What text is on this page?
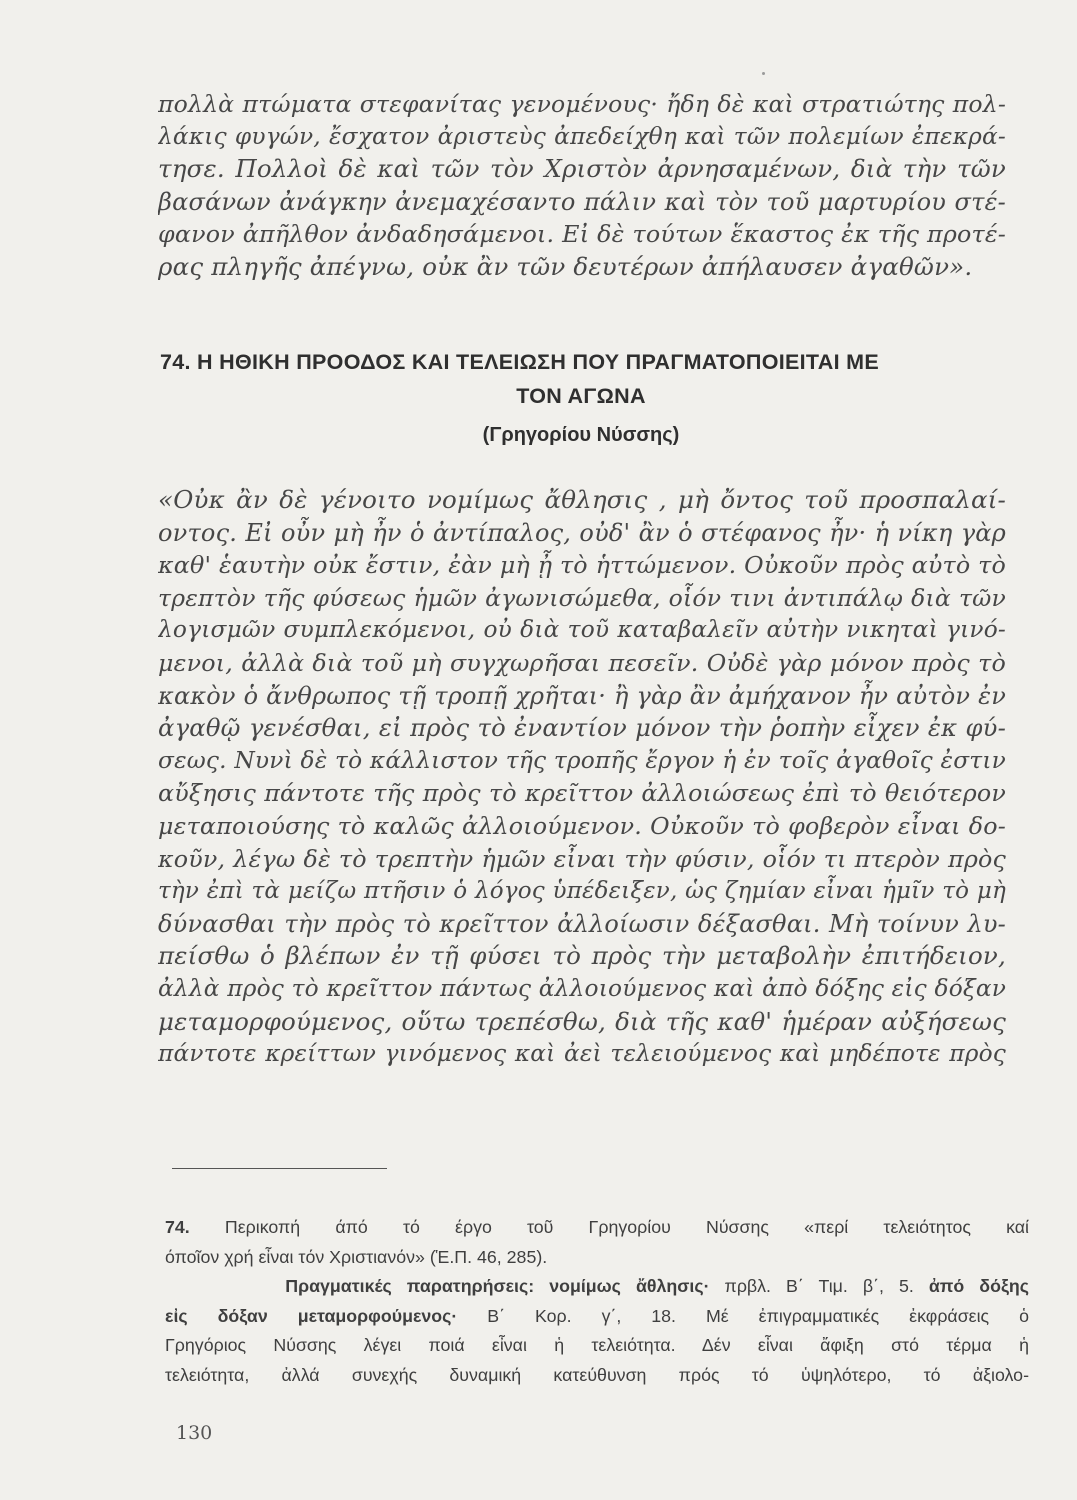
πολλὰ πτώματα στεφανίτας γενομένους· ἤδη δὲ καὶ στρατιώτης πολ-
λάκις φυγών, ἔσχατον ἀριστεὺς ἀπεδείχθη καὶ τῶν πολεμίων ἐπεκρά-
τησε. Πολλοὶ δὲ καὶ τῶν τὸν Χριστὸν ἀρνησαμένων, διὰ τὴν τῶν
βασάνων ἀνάγκην ἀνεμαχέσαντο πάλιν καὶ τὸν τοῦ μαρτυρίου στέ-
φανον ἀπῆλθον ἀνδαδησάμενοι. Εἰ δὲ τούτων ἕκαστος ἐκ τῆς προτέ-
ρας πληγῆς ἀπέγνω, οὐκ ἂν τῶν δευτέρων ἀπήλαυσεν ἀγαθῶν».
74. Η ΗΘΙΚΗ ΠΡΟΟΔΟΣ ΚΑΙ ΤΕΛΕΙΩΣΗ ΠΟΥ ΠΡΑΓΜΑΤΟΠΟΙΕΙΤΑΙ ΜΕ
ΤΟΝ ΑΓΩΝΑ
(Γρηγορίου Νύσσης)
«Οὐκ ἂν δὲ γένοιτο νομίμως ἄθλησις , μὴ ὄντος τοῦ προσπαλαί-
οντος. Εἰ οὖν μὴ ἦν ὁ ἀντίπαλος, οὐδ' ἂν ὁ στέφανος ἦν· ἡ νίκη γὰρ
καθ' ἑαυτὴν οὐκ ἔστιν, ἐὰν μὴ ᾖ τὸ ἡττώμενον. Οὐκοῦν πρὸς αὐτὸ τὸ
τρεπτὸν τῆς φύσεως ἡμῶν ἀγωνισώμεθα, οἷόν τινι ἀντιπάλῳ διὰ τῶν
λογισμῶν συμπλεκόμενοι, οὐ διὰ τοῦ καταβαλεῖν αὐτὴν νικηταὶ γινό-
μενοι, ἀλλὰ διὰ τοῦ μὴ συγχωρῆσαι πεσεῖν. Οὐδὲ γὰρ μόνον πρὸς τὸ
κακὸν ὁ ἄνθρωπος τῇ τροπῇ χρῆται· ἢ γὰρ ἂν ἀμήχανον ἦν αὐτὸν ἐν
ἀγαθῷ γενέσθαι, εἰ πρὸς τὸ ἐναντίον μόνον τὴν ῥοπὴν εἶχεν ἐκ φύ-
σεως. Νυνὶ δὲ τὸ κάλλιστον τῆς τροπῆς ἔργον ἡ ἐν τοῖς ἀγαθοῖς ἐστιν
αὔξησις πάντοτε τῆς πρὸς τὸ κρεῖττον ἀλλοιώσεως ἐπὶ τὸ θειότερον
μεταποιούσης τὸ καλῶς ἀλλοιούμενον. Οὐκοῦν τὸ φοβερὸν εἶναι δο-
κοῦν, λέγω δὲ τὸ τρεπτὴν ἡμῶν εἶναι τὴν φύσιν, οἷόν τι πτερὸν πρὸς
τὴν ἐπὶ τὰ μείζω πτῆσιν ὁ λόγος ὑπέδειξεν, ὡς ζημίαν εἶναι ἡμῖν τὸ μὴ
δύνασθαι τὴν πρὸς τὸ κρεῖττον ἀλλοίωσιν δέξασθαι. Μὴ τοίνυν λυ-
πείσθω ὁ βλέπων ἐν τῇ φύσει τὸ πρὸς τὴν μεταβολὴν ἐπιτήδειον,
ἀλλὰ πρὸς τὸ κρεῖττον πάντως ἀλλοιούμενος καὶ ἀπὸ δόξης εἰς δόξαν
μεταμορφούμενος, οὕτω τρεπέσθω, διὰ τῆς καθ' ἡμέραν αὐξήσεως
πάντοτε κρείττων γινόμενος καὶ ἀεὶ τελειούμενος καὶ μηδέποτε πρὸς
74. Περικοπή άπό τό έργο τοῦ Γρηγορίου Νύσσης «περί τελειότητος καί
όποῖον χρή εἶναι τόν Χριστιανόν» (Ἑ.Π. 46, 285).
Πραγματικές παρατηρήσεις: νομίμως ἄθλησις· πρβλ. Β΄ Τιμ. β΄, 5. ἀπό δόξης
εἰς δόξαν μεταμορφούμενος· Β΄ Κορ. γ΄, 18. Μέ ἐπιγραμματικές ἐκφράσεις ὁ
Γρηγόριος Νύσσης λέγει ποιά εἶναι ἡ τελειότητα. Δέν εἶναι ἄφιξη στό τέρμα ἡ
τελειότητα, ἀλλά συνεχής δυναμική κατεύθυνση πρός τό ὑψηλότερο, τό ἀξιολο-
130
